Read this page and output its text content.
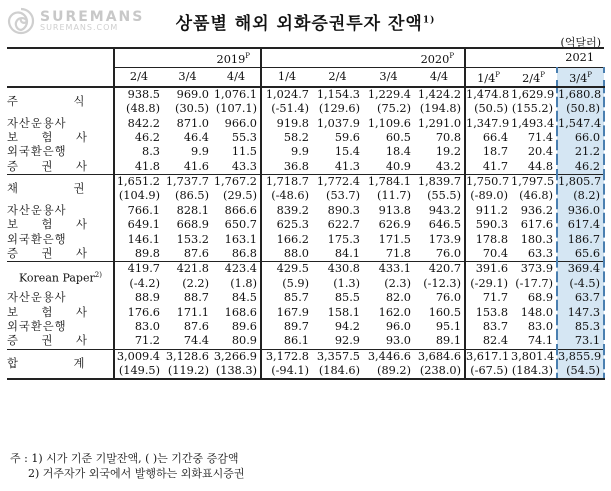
SUREMANS
SUREMANS.COM	상품별 해외 외화증권투자 잔액$^{1)}$
(억달러)
	$2019^P$			$2020^P$				2021		
	2/4	3/4	4/4	1/4	2/4	3/4	4/4	$1/4^P$	$2/4^P$	$3/4^P$
주 식	938.5	969.0	1,076.1	1,024.7	1,154.3	1,229.4	1,424.2	1,474.8	1,629.9	1,680.8
	(48.8)	(30.5)	(107.1)	(-51.4)	(129.6)	(75.2)	(194.8)	(50.5)	(155.2)	(50.8)
자산운용사	842.2	871.0	966.0	919.8	1,037.9	1,109.6	1,291.0	1,347.9	1,493.4	1,547.4
보 험 사	46.2	46.4	55.3	58.2	59.6	60.5	70.8	66.4	71.4	66.0
외국환은행	8.3	9.9	11.5	9.9	15.4	18.4	19.2	18.7	20.4	21.2
증 권 사	41.8	41.6	43.3	36.8	41.3	40.9	43.2	41.7	44.8	46.2
채 권	1,651.2	1,737.7	1,767.2	1,718.7	1,772.4	1,784.1	1,839.7	1,750.7	1,797.5	1,805.7
	(104.9)	(86.5)	(29.5)	(-48.6)	(53.7)	(11.7)	(55.5)	(-89.0)	(46.8)	(8.2)
자산운용사	766.1	828.1	866.6	839.2	890.3	913.8	943.2	911.2	936.2	936.0
보 험 사	649.1	668.9	650.7	625.3	622.7	626.9	646.5	590.3	617.6	617.4
외국환은행	146.1	153.2	163.1	166.2	175.3	171.5	173.9	178.8	180.3	186.7
증 권 사	89.8	87.6	86.8	88.0	84.1	71.8	76.0	70.4	63.3	65.6
Korean Paper$^{2)}$	419.7	421.8	423.4	429.5	430.8	433.1	420.7	391.6	373.9	369.4
	(-4.2)	(2.2)	(1.8)	(5.9)	(1.3)	(2.3)	(-12.3)	(-29.1)	(-17.7)	(-4.5)
자산운용사	88.9	88.7	84.5	85.7	85.5	82.0	76.0	71.7	68.9	63.7
보 험 사	176.6	171.1	168.6	167.9	158.1	162.0	160.5	153.8	148.0	147.3
외국환은행	83.0	87.6	89.6	89.7	94.2	96.0	95.1	83.7	83.0	85.3
증 권 사	71.2	74.4	80.9	86.1	92.9	93.0	89.1	82.4	74.1	73.1
합 계	3,009.4	3,128.6	3,266.9	3,172.8	3,357.5	3,446.6	3,684.6	3,617.1	3,801.4	3,855.9
	(149.5)	(119.2)	(138.3)	(-94.1)	(184.6)	(89.2)	(238.0)	(-67.5)	(184.3)	(54.5)
주 : 1) 시가 기준 기말잔액, ( )는 기간중 증감액
2) 거주자가 외국에서 발행하는 외화표시증권
